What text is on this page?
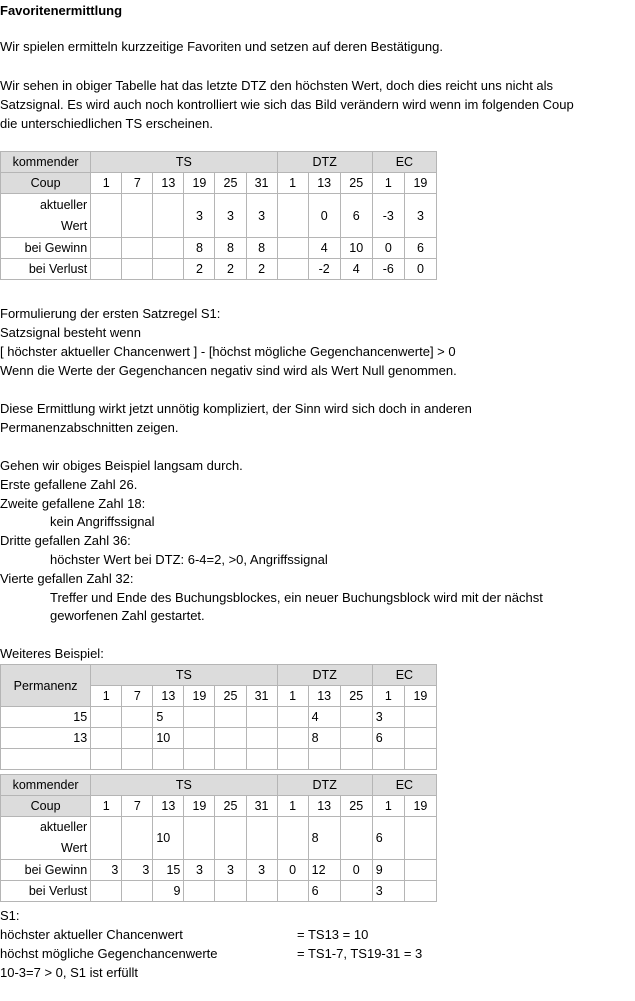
Favoritenermittlung
Wir spielen ermitteln kurzzeitige Favoriten und setzen auf deren Bestätigung.
Wir sehen in obiger Tabelle hat das letzte DTZ den höchsten Wert, doch dies reicht uns nicht als
Satzsignal. Es wird auch noch kontrolliert wie sich das Bild verändern wird wenn im folgenden Coup
die unterschiedlichen TS erscheinen.
kommender	TS						DTZ			EC	
Coup	1	7	13	19	25	31	1	13	25	1	19
aktueller
Wert				3	3	3		0	6	-3	3
bei Gewinn				8	8	8		4	10	0	6
bei Verlust				2	2	2		-2	4	-6	0
Formulierung der ersten Satzregel S1:
Satzsignal besteht wenn
[ höchster aktueller Chancenwert ] - [höchst mögliche Gegenchancenwerte] > 0
Wenn die Werte der Gegenchancen negativ sind wird als Wert Null genommen.
Diese Ermittlung wirkt jetzt unnötig kompliziert, der Sinn wird sich doch in anderen
Permanenzabschnitten zeigen.
Gehen wir obiges Beispiel langsam durch.
Erste gefallene Zahl 26.
Zweite gefallene Zahl 18:
kein Angriffssignal
Dritte gefallen Zahl 36:
höchster Wert bei DTZ: 6-4=2, >0, Angriffssignal
Vierte gefallen Zahl 32:
Treffer und Ende des Buchungsblockes, ein neuer Buchungsblock wird mit der nächst
geworfenen Zahl gestartet.
Weiteres Beispiel:
Permanenz	TS						DTZ			EC	
	1	7	13	19	25	31	1	13	25	1	19
15			5					4		3	
13			10					8		6	

kommender	TS						DTZ			EC	
Coup	1	7	13	19	25	31	1	13	25	1	19
aktueller
Wert			10					8		6	
bei Gewinn	3	3	15	3	3	3	0	12	0	9	
bei Verlust			9					6		3	
S1:
höchster aktueller Chancenwert	= TS13 = 10
höchst mögliche Gegenchancenwerte	= TS1-7, TS19-31 = 3
10-3=7 > 0, S1 ist erfüllt
